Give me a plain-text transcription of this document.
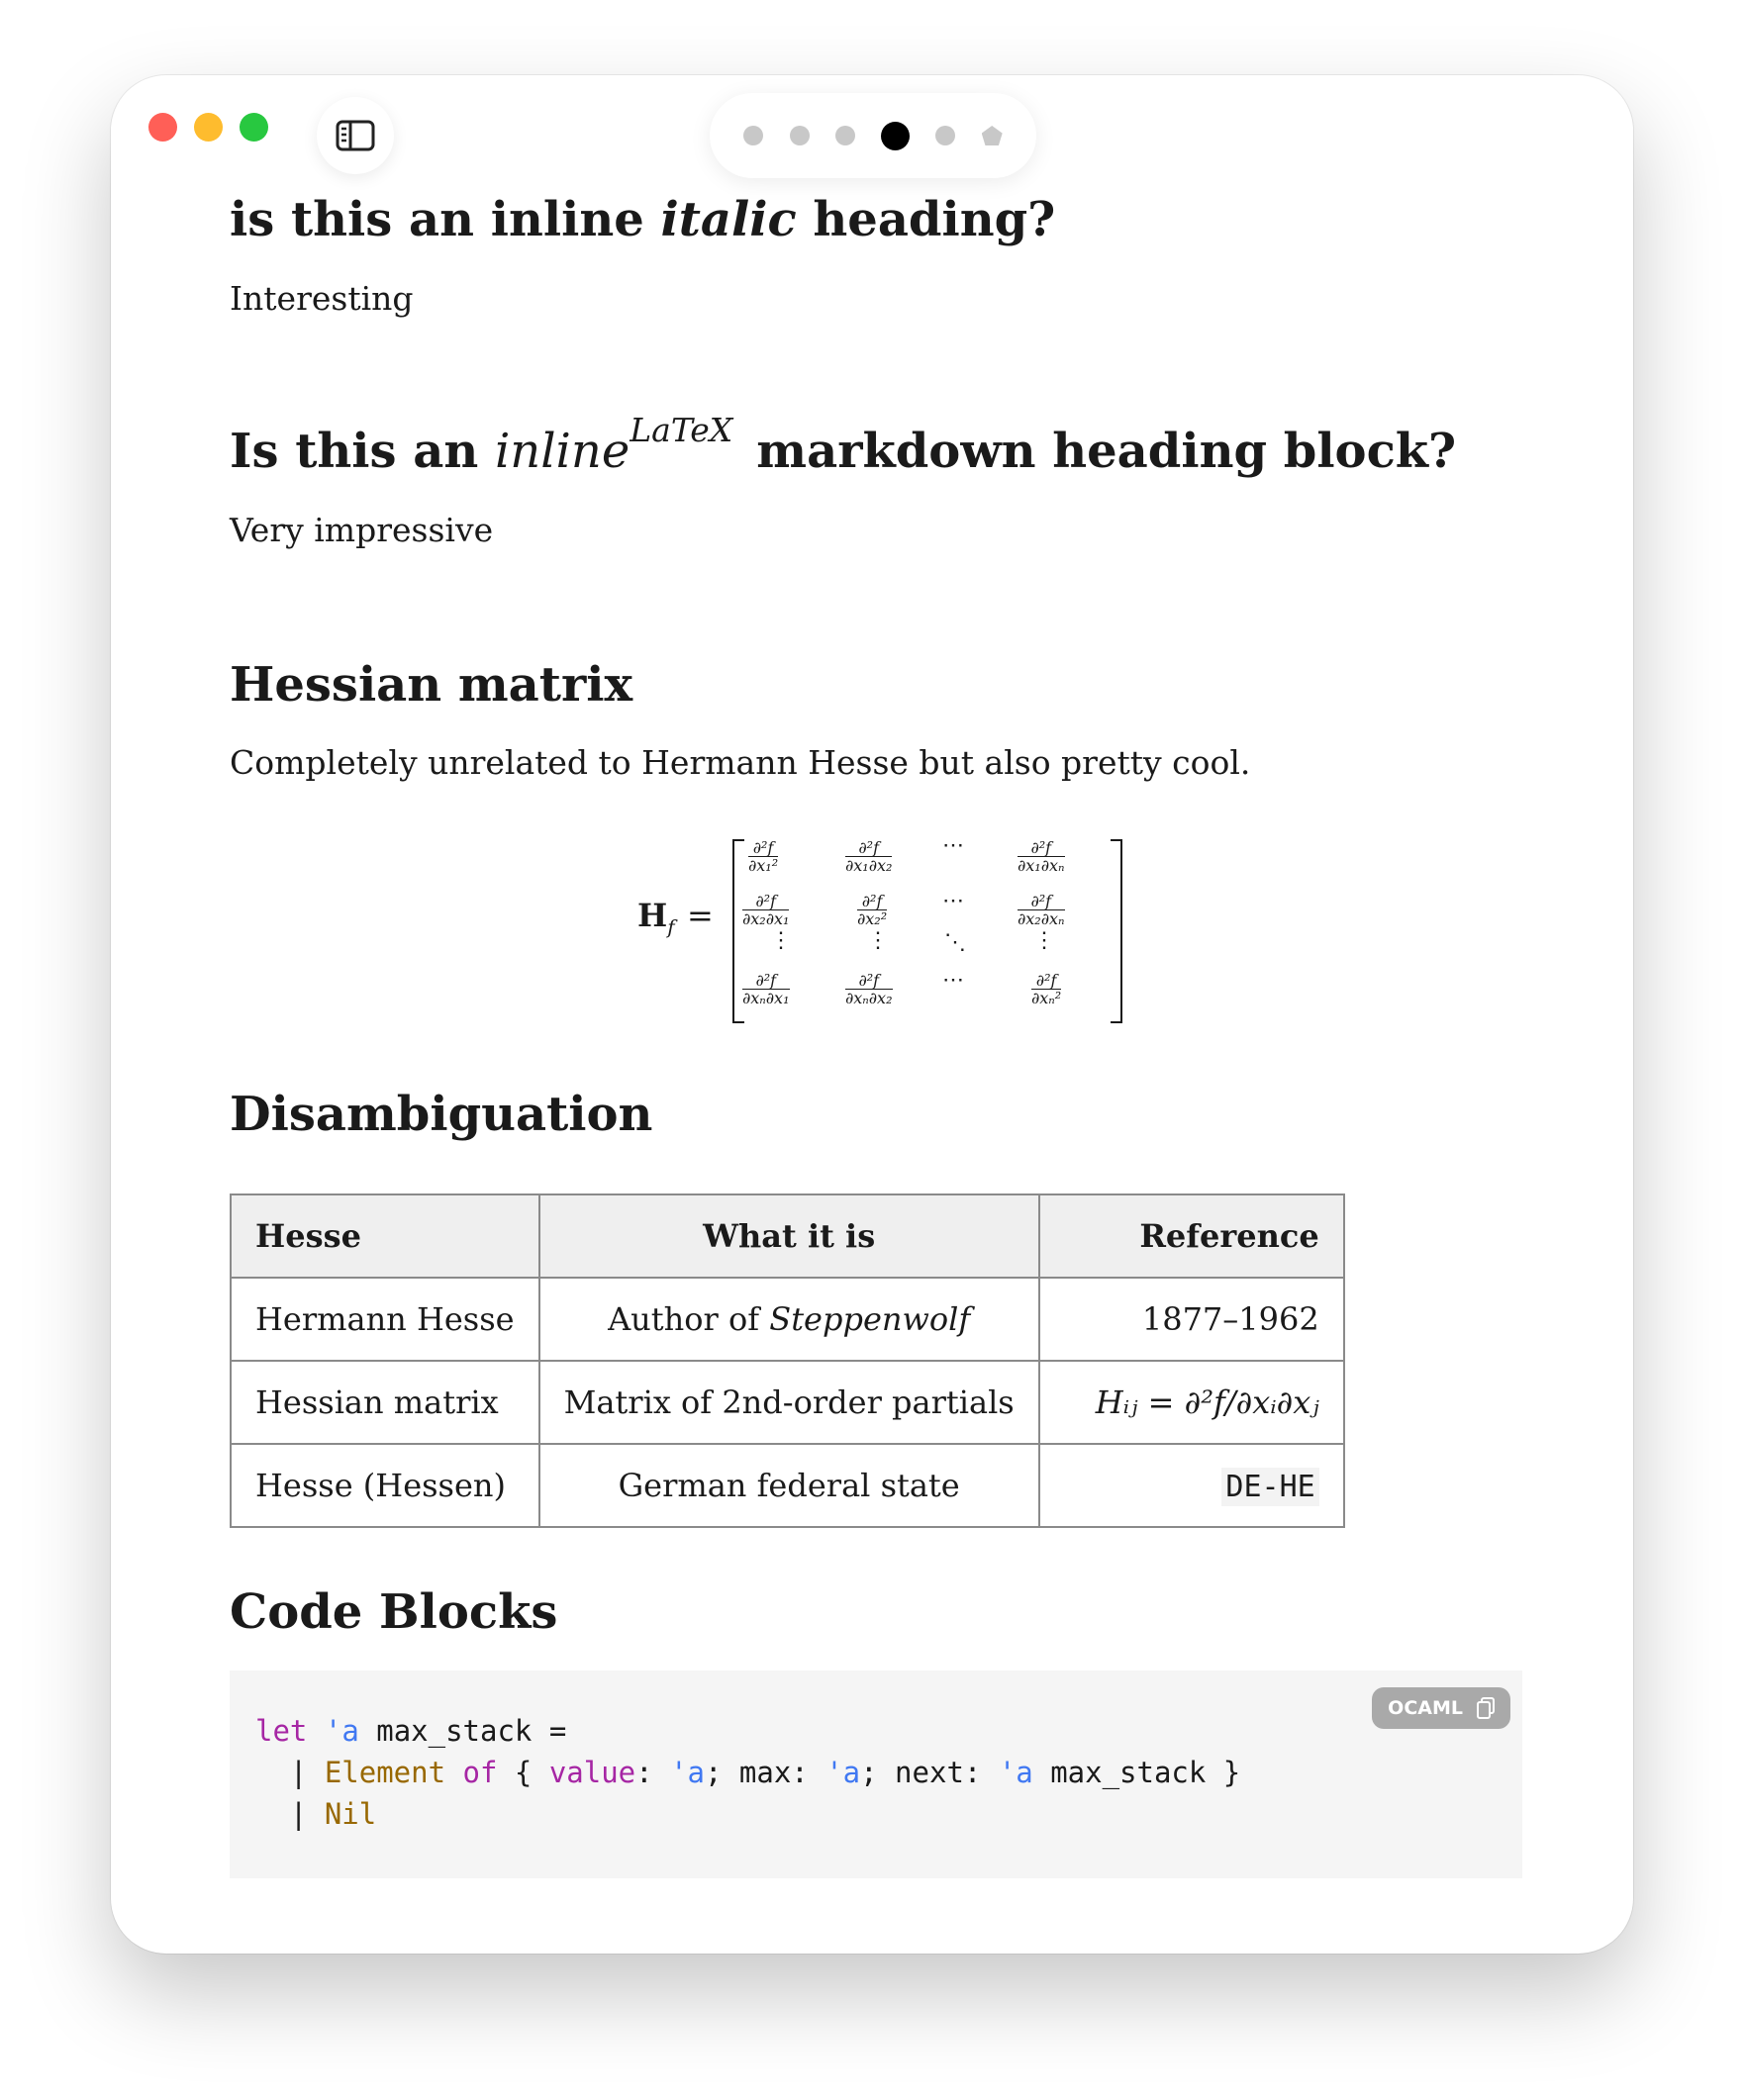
is this an inline italic heading?

Interesting

Is this an inline$^{LaTeX}$ markdown heading block?

Very impressive

Hessian matrix

Completely unrelated to Hermann Hesse but also pretty cool.

$H_f$ =
$\frac{\text{∂²f}}{\text{∂x₁²}}$	$\frac{\text{∂²f}}{\text{∂x₁∂x₂}}$ ⋯	$\frac{\text{∂²f}}{\text{∂x₁∂xₙ}}$
$\frac{\text{∂²f}}{\text{∂x₂∂x₁}}$	$\frac{\text{∂²f}}{\text{∂x₂²}}$	⋯	$\frac{\text{∂²f}}{\text{∂x₂∂xₙ}}$
⋮	⋮	⋱	⋮
$\frac{\text{∂²f}}{\text{∂xₙ∂x₁}}$	$\frac{\text{∂²f}}{\text{∂xₙ∂x₂}}$ ⋯	$\frac{\text{∂²f}}{\text{∂xₙ²}}$
Disambiguation
Hesse	What it is	Reference
Hermann Hesse	Author of Steppenwolf	1877–1962
Hessian matrix	Matrix of 2nd-order partials	Hᵢⱼ = ∂²f/∂xᵢ∂xⱼ
Hesse (Hessen)	German federal state	DE-HE
Code Blocks
OCAML
let 'a max_stack =
| Element of { value: 'a; max: 'a; next: 'a max_stack }
| Nil
